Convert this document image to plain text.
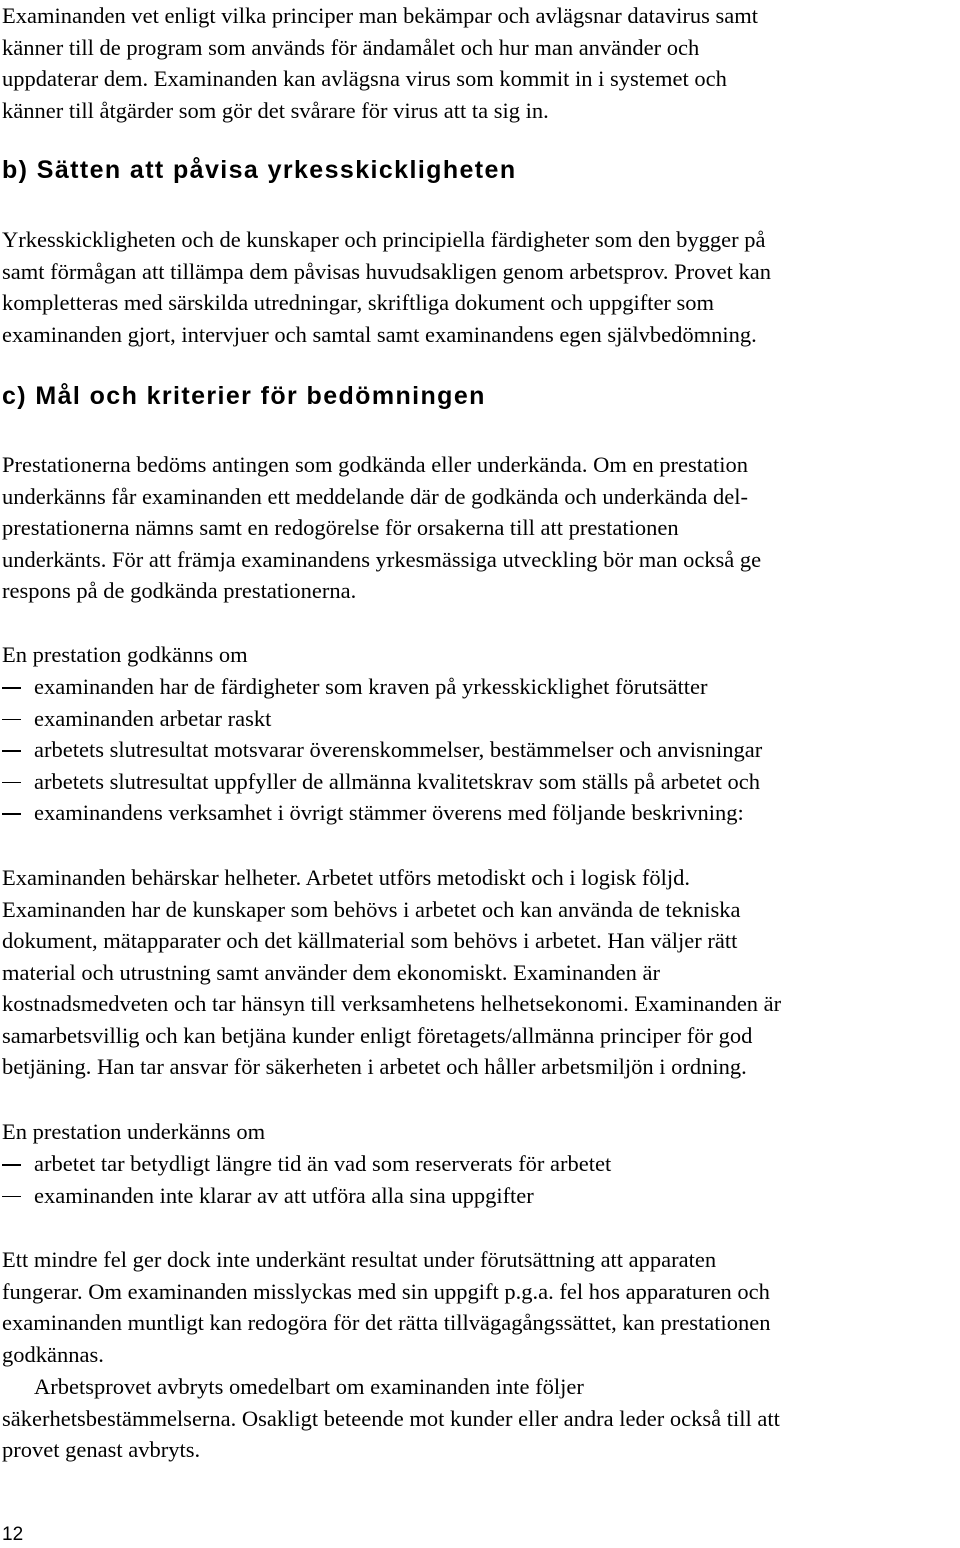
Examinanden vet enligt vilka principer man bekämpar och avlägsnar datavirus samt
känner till de program som används för ändamålet och hur man använder och
uppdaterar dem. Examinanden kan avlägsna virus som kommit in i systemet och
känner till åtgärder som gör det svårare för virus att ta sig in.

b) Sätten att påvisa yrkesskickligheten

Yrkesskickligheten och de kunskaper och principiella färdigheter som den bygger på
samt förmågan att tillämpa dem påvisas huvudsakligen genom arbetsprov. Provet kan
kompletteras med särskilda utredningar, skriftliga dokument och uppgifter som
examinanden gjort, intervjuer och samtal samt examinandens egen självbedömning.

c) Mål och kriterier för bedömningen

Prestationerna bedöms antingen som godkända eller underkända. Om en prestation
underkänns får examinanden ett meddelande där de godkända och underkända del-
prestationerna nämns samt en redogörelse för orsakerna till att prestationen
underkänts. För att främja examinandens yrkesmässiga utveckling bör man också ge
respons på de godkända prestationerna.

En prestation godkänns om

examinanden har de färdigheter som kraven på yrkesskicklighet förutsätter
examinanden arbetar raskt
arbetets slutresultat motsvarar överenskommelser, bestämmelser och anvisningar
arbetets slutresultat uppfyller de allmänna kvalitetskrav som ställs på arbetet och
examinandens verksamhet i övrigt stämmer överens med följande beskrivning:

Examinanden behärskar helheter. Arbetet utförs metodiskt och i logisk följd.
Examinanden har de kunskaper som behövs i arbetet och kan använda de tekniska
dokument, mätapparater och det källmaterial som behövs i arbetet. Han väljer rätt
material och utrustning samt använder dem ekonomiskt. Examinanden är
kostnadsmedveten och tar hänsyn till verksamhetens helhetsekonomi. Examinanden är
samarbetsvillig och kan betjäna kunder enligt företagets/allmänna principer för god
betjäning. Han tar ansvar för säkerheten i arbetet och håller arbetsmiljön i ordning.

En prestation underkänns om

arbetet tar betydligt längre tid än vad som reserverats för arbetet
examinanden inte klarar av att utföra alla sina uppgifter

Ett mindre fel ger dock inte underkänt resultat under förutsättning att apparaten
fungerar. Om examinanden misslyckas med sin uppgift p.g.a. fel hos apparaturen och
examinanden muntligt kan redogöra för det rätta tillvägagångssättet, kan prestationen
godkännas.

Arbetsprovet avbryts omedelbart om examinanden inte följer
säkerhetsbestämmelserna. Osakligt beteende mot kunder eller andra leder också till att
provet genast avbryts.

12
